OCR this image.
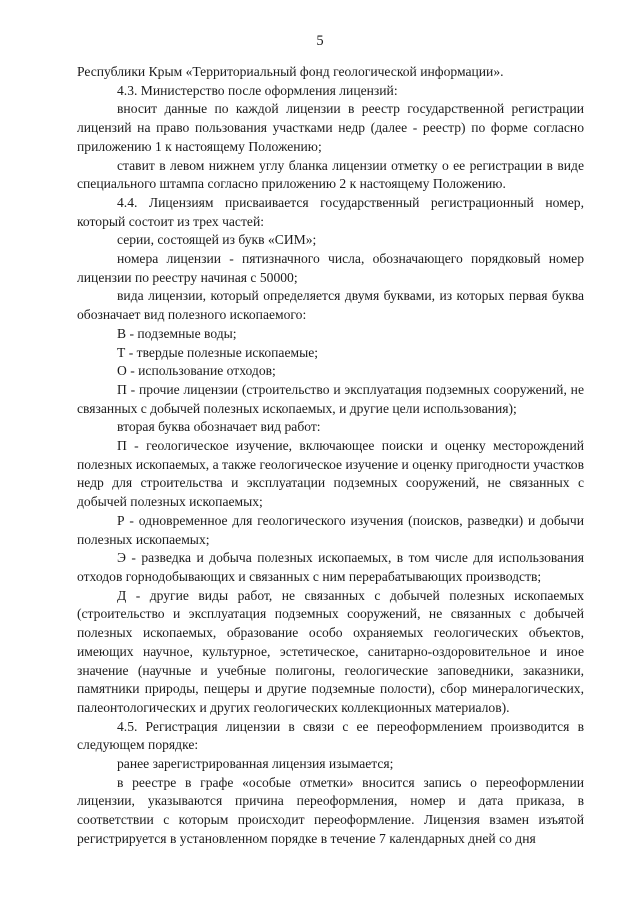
5

Республики Крым «Территориальный фонд геологической информации».

4.3. Министерство после оформления лицензий:

вносит данные по каждой лицензии в реестр государственной регистрации лицензий на право пользования участками недр (далее - реестр) по форме согласно приложению 1 к настоящему Положению;

ставит в левом нижнем углу бланка лицензии отметку о ее регистрации в виде специального штампа согласно приложению 2 к настоящему Положению.

4.4. Лицензиям присваивается государственный регистрационный номер, который состоит из трех частей:

серии, состоящей из букв «СИМ»;

номера лицензии - пятизначного числа, обозначающего порядковый номер лицензии по реестру начиная с 50000;

вида лицензии, который определяется двумя буквами, из которых первая буква обозначает вид полезного ископаемого:

В - подземные воды;

Т - твердые полезные ископаемые;

О - использование отходов;

П - прочие лицензии (строительство и эксплуатация подземных сооружений, не связанных с добычей полезных ископаемых, и другие цели использования);

вторая буква обозначает вид работ:

П - геологическое изучение, включающее поиски и оценку месторождений полезных ископаемых, а также геологическое изучение и оценку пригодности участков недр для строительства и эксплуатации подземных сооружений, не связанных с добычей полезных ископаемых;

Р - одновременное для геологического изучения (поисков, разведки) и добычи полезных ископаемых;

Э - разведка и добыча полезных ископаемых, в том числе для использования отходов горнодобывающих и связанных с ним перерабатывающих производств;

Д - другие виды работ, не связанных с добычей полезных ископаемых (строительство и эксплуатация подземных сооружений, не связанных с добычей полезных ископаемых, образование особо охраняемых геологических объектов, имеющих научное, культурное, эстетическое, санитарно-оздоровительное и иное значение (научные и учебные полигоны, геологические заповедники, заказники, памятники природы, пещеры и другие подземные полости), сбор минералогических, палеонтологических и других геологических коллекционных материалов).

4.5. Регистрация лицензии в связи с ее переоформлением производится в следующем порядке:

ранее зарегистрированная лицензия изымается;

в реестре в графе «особые отметки» вносится запись о переоформлении лицензии, указываются причина переоформления, номер и дата приказа, в соответствии с которым происходит переоформление. Лицензия взамен изъятой регистрируется в установленном порядке в течение 7 календарных дней со дня
